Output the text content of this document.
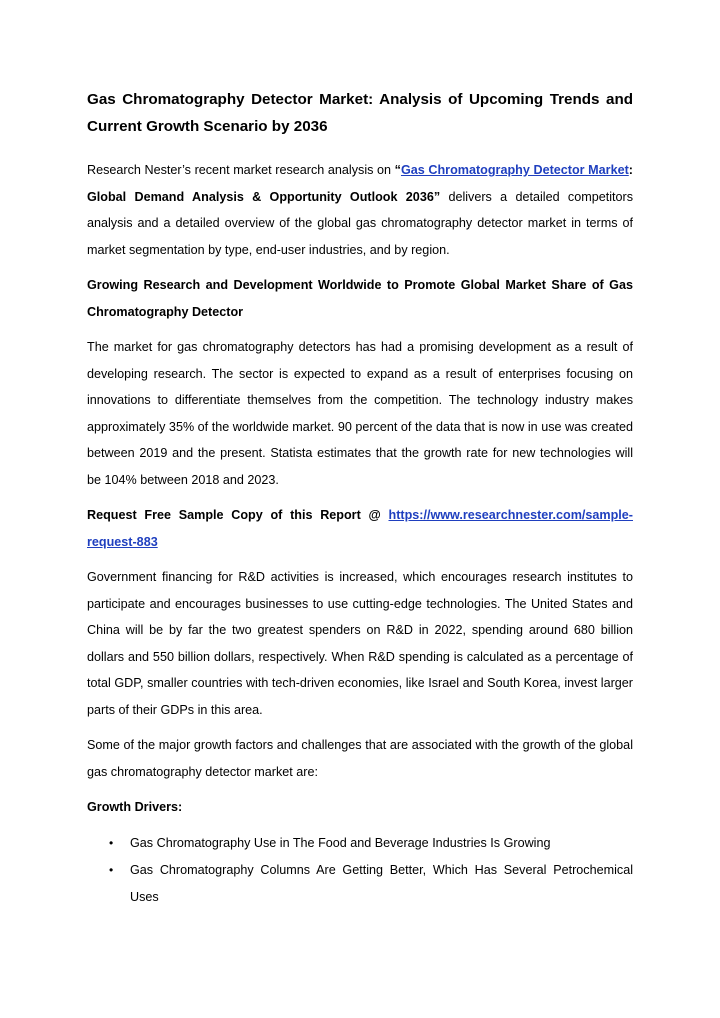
Gas Chromatography Detector Market: Analysis of Upcoming Trends and Current Growth Scenario by 2036

Research Nester’s recent market research analysis on “Gas Chromatography Detector Market: Global Demand Analysis & Opportunity Outlook 2036” delivers a detailed competitors analysis and a detailed overview of the global gas chromatography detector market in terms of market segmentation by type, end-user industries, and by region.

Growing Research and Development Worldwide to Promote Global Market Share of Gas Chromatography Detector

The market for gas chromatography detectors has had a promising development as a result of developing research. The sector is expected to expand as a result of enterprises focusing on innovations to differentiate themselves from the competition. The technology industry makes approximately 35% of the worldwide market. 90 percent of the data that is now in use was created between 2019 and the present. Statista estimates that the growth rate for new technologies will be 104% between 2018 and 2023.

Request Free Sample Copy of this Report @ https://www.researchnester.com/sample-request-883

Government financing for R&D activities is increased, which encourages research institutes to participate and encourages businesses to use cutting-edge technologies. The United States and China will be by far the two greatest spenders on R&D in 2022, spending around 680 billion dollars and 550 billion dollars, respectively. When R&D spending is calculated as a percentage of total GDP, smaller countries with tech-driven economies, like Israel and South Korea, invest larger parts of their GDPs in this area.

Some of the major growth factors and challenges that are associated with the growth of the global gas chromatography detector market are:

Growth Drivers:
• Gas Chromatography Use in The Food and Beverage Industries Is Growing
• Gas Chromatography Columns Are Getting Better, Which Has Several Petrochemical Uses
